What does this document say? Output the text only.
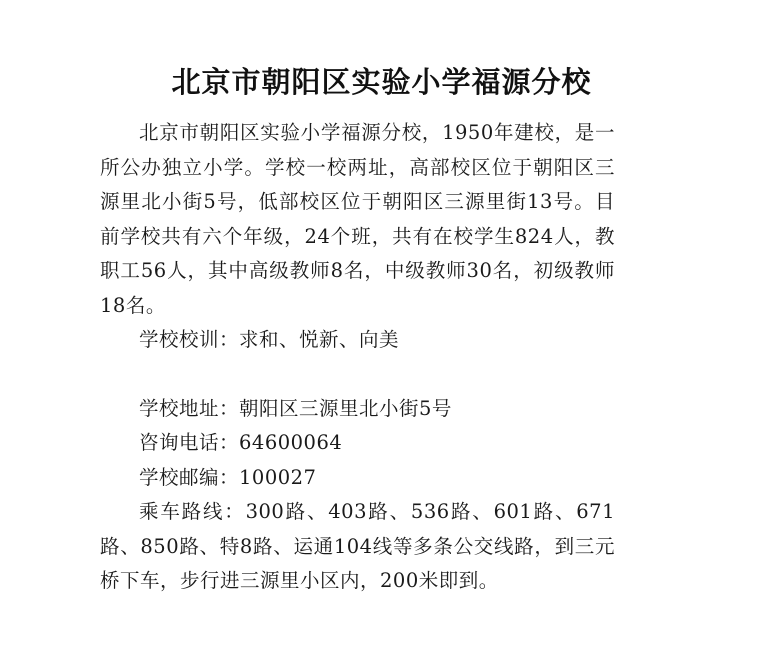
北京市朝阳区实验小学福源分校

北京市朝阳区实验小学福源分校，1950年建校，是一所公办独立小学。学校一校两址，高部校区位于朝阳区三源里北小街5号，低部校区位于朝阳区三源里街13号。目前学校共有六个年级，24个班，共有在校学生824人，教职工56人，其中高级教师8名，中级教师30名，初级教师18名。

学校校训：求和、悦新、向美

学校地址：朝阳区三源里北小街5号

咨询电话：64600064

学校邮编：100027

乘车路线：300路、403路、536路、601路、671路、850路、特8路、运通104线等多条公交线路，到三元桥下车，步行进三源里小区内，200米即到。
